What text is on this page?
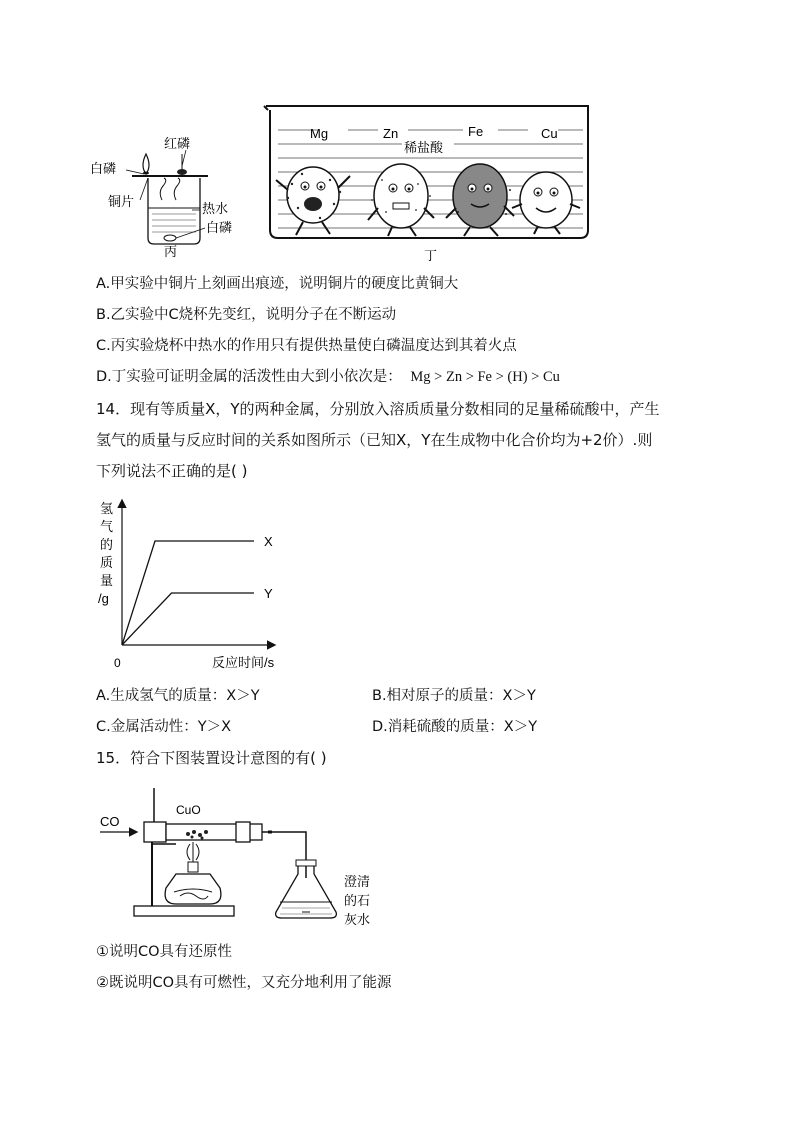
红磷
白磷
铜片	热水
白磷
丙
Mg	Zn	Fe	Cu
稀盐酸
丁
A.甲实验中铜片上刻画出痕迹，说明铜片的硬度比黄铜大
B.乙实验中C烧杯先变红，说明分子在不断运动
C.丙实验烧杯中热水的作用只有提供热量使白磷温度达到其着火点
D.丁实验可证明金属的活泼性由大到小依次是： Mg > Zn > Fe > (H) > Cu
14．现有等质量X，Y的两种金属，分别放入溶质质量分数相同的足量稀硫酸中，产生
氢气的质量与反应时间的关系如图所示（已知X，Y在生成物中化合价均为+2价）.则
下列说法不正确的是( )
氢
气
的
质
量
/g
0	反应时间/s
X
Y
A.生成氢气的质量：X＞Y	B.相对原子的质量：X＞Y
C.金属活动性：Y＞X	D.消耗硫酸的质量：X＞Y
15．符合下图装置设计意图的有( )
CO
CuO
澄清
的石
灰水
①说明CO具有还原性
②既说明CO具有可燃性，又充分地利用了能源
